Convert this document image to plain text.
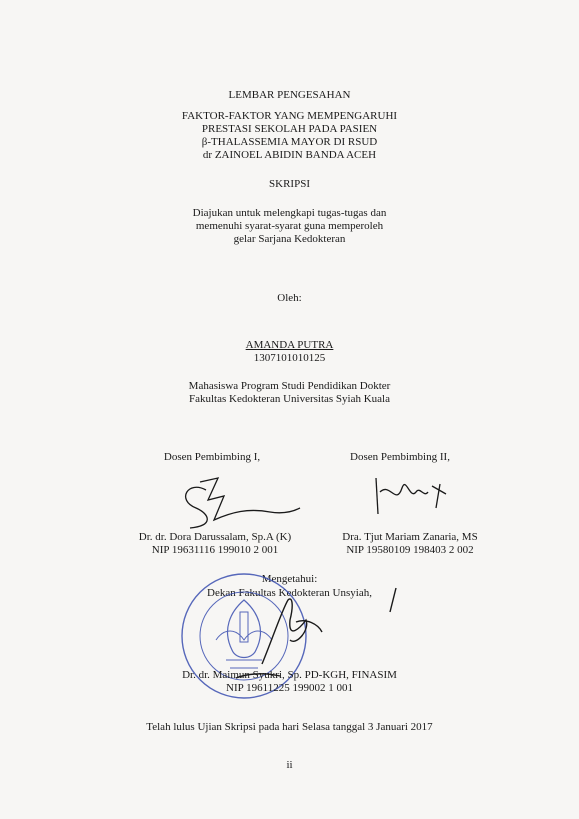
LEMBAR PENGESAHAN
FAKTOR-FAKTOR YANG MEMPENGARUHI
PRESTASI SEKOLAH PADA PASIEN
β-THALASSEMIA MAYOR DI RSUD
dr ZAINOEL ABIDIN BANDA ACEH
SKRIPSI
Diajukan untuk melengkapi tugas-tugas dan
memenuhi syarat-syarat guna memperoleh
gelar Sarjana Kedokteran
Oleh:
AMANDA PUTRA
1307101010125
Mahasiswa Program Studi Pendidikan Dokter
Fakultas Kedokteran Universitas Syiah Kuala
Dosen Pembimbing I,
Dr. dr. Dora Darussalam, Sp.A (K)
NIP 19631116 199010 2 001
Dosen Pembimbing II,
Dra. Tjut Mariam Zanaria, MS
NIP 19580109 198403 2 002
Mengetahui:
Dekan Fakultas Kedokteran Unsyiah,
Dr. dr. Maimun Syukri, Sp. PD-KGH, FINASIM
NIP 19611225 199002 1 001
Telah lulus Ujian Skripsi pada hari Selasa tanggal 3 Januari 2017
ii
